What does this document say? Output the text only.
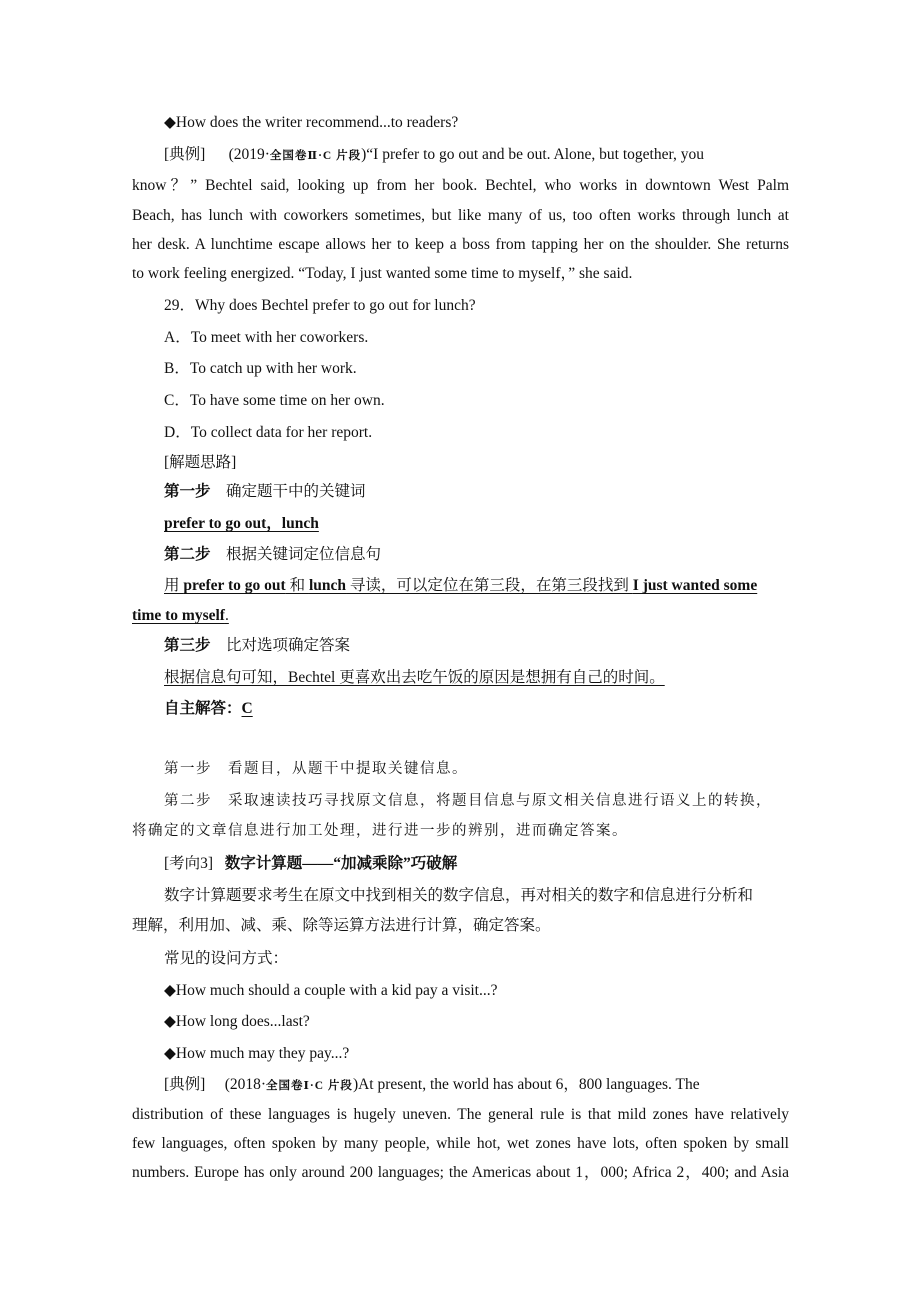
◆How does the writer recommend...to readers?
[典例] (2019·全国卷Ⅱ·C 片段)“I prefer to go out and be out. Alone, but together, you
know？” Bechtel said, looking up from her book. Bechtel, who works in downtown West Palm
Beach, has lunch with coworkers sometimes, but like many of us, too often works through lunch at
her desk. A lunchtime escape allows her to keep a boss from tapping her on the shoulder. She returns
to work feeling energized. “Today, I just wanted some time to myself，” she said.
29．Why does Bechtel prefer to go out for lunch?
A．To meet with her coworkers.
B．To catch up with her work.
C．To have some time on her own.
D．To collect data for her report.
[解题思路]
第一步 确定题干中的关键词
prefer to go out，lunch
第二步 根据关键词定位信息句
用 prefer to go out 和 lunch 寻读，可以定位在第三段，在第三段找到 I just wanted some
time to myself.
第三步 比对选项确定答案
根据信息句可知，Bechtel 更喜欢出去吃午饭的原因是想拥有自己的时间。
自主解答：C
第一步　看题目，从题干中提取关键信息。
第二步　采取速读技巧寻找原文信息，将题目信息与原文相关信息进行语义上的转换，
将确定的文章信息进行加工处理，进行进一步的辨别，进而确定答案。
[考向3] 数字计算题——“加减乘除”巧破解
数字计算题要求考生在原文中找到相关的数字信息，再对相关的数字和信息进行分析和
理解，利用加、减、乘、除等运算方法进行计算，确定答案。
常见的设问方式：
◆How much should a couple with a kid pay a visit...?
◆How long does...last?
◆How much may they pay...?
[典例] (2018·全国卷Ⅰ·C 片段)At present, the world has about 6，800 languages. The
distribution of these languages is hugely uneven. The general rule is that mild zones have relatively
few languages, often spoken by many people, while hot, wet zones have lots, often spoken by small
numbers. Europe has only around 200 languages; the Americas about 1，000; Africa 2，400; and Asia
